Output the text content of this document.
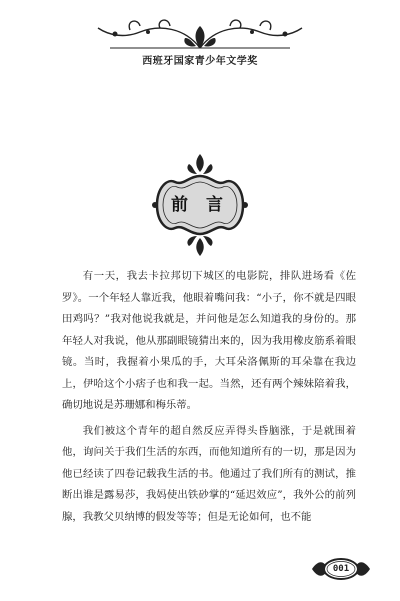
西班牙国家青少年文学奖
前 言

有一天，我去卡拉邦切下城区的电影院，排队进场看《佐罗》。一个年轻人靠近我，他眼着嘴问我：“小子，你不就是四眼田鸡吗？”我对他说我就是，并问他是怎么知道我的身份的。那年轻人对我说，他从那副眼镜猜出来的，因为我用橡皮筋系着眼镜。当时，我握着小果瓜的手，大耳朵洛佩斯的耳朵靠在我边上，伊哈这个小痞子也和我一起。当然，还有两个辣妹陪着我，确切地说是苏珊娜和梅乐蒂。

我们被这个青年的超自然反应弄得头昏脑涨，于是就围着他，询问关于我们生活的东西，而他知道所有的一切，那是因为他已经读了四卷记载我生活的书。他通过了我们所有的测试，推断出谁是露易莎，我妈使出铁砂掌的“延迟效应”，我外公的前列腺，我教父贝纳博的假发等等；但是无论如何，也不能

001
